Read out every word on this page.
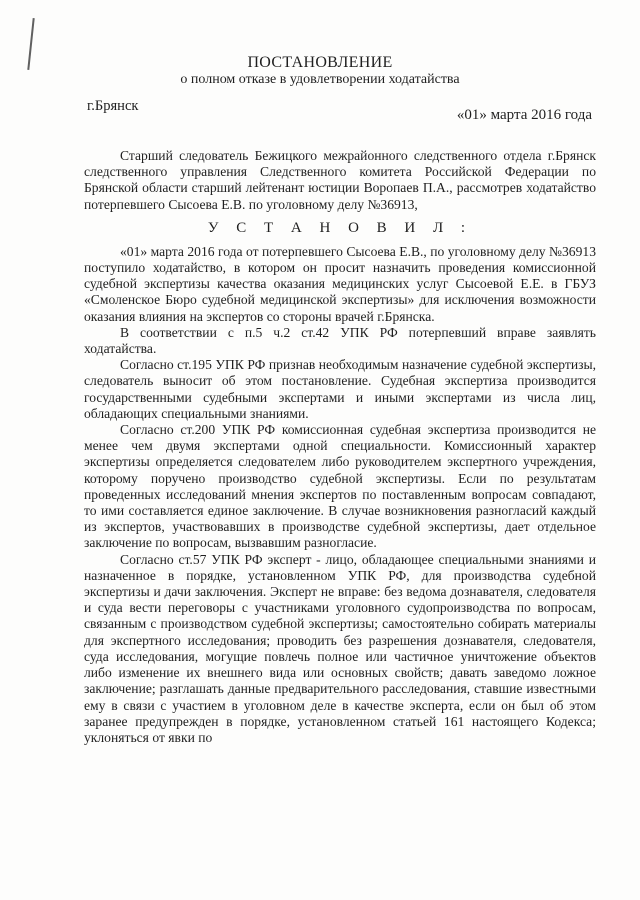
ПОСТАНОВЛЕНИЕ
о полном отказе в удовлетворении ходатайства
г.Брянск
«01» марта 2016 года

Старший следователь Бежицкого межрайонного следственного отдела г.Брянск следственного управления Следственного комитета Российской Федерации по Брянской области старший лейтенант юстиции Воропаев П.А., рассмотрев ходатайство потерпевшего Сысоева Е.В. по уголовному делу №36913,

У С Т А Н О В И Л :

«01» марта 2016 года от потерпевшего Сысоева Е.В., по уголовному делу №36913 поступило ходатайство, в котором он просит назначить проведения комиссионной судебной экспертизы качества оказания медицинских услуг Сысоевой Е.Е. в ГБУЗ «Смоленское Бюро судебной медицинской экспертизы» для исключения возможности оказания влияния на экспертов со стороны врачей г.Брянска.

В соответствии с п.5 ч.2 ст.42 УПК РФ потерпевший вправе заявлять ходатайства.

Согласно ст.195 УПК РФ признав необходимым назначение судебной экспертизы, следователь выносит об этом постановление. Судебная экспертиза производится государственными судебными экспертами и иными экспертами из числа лиц, обладающих специальными знаниями.

Согласно ст.200 УПК РФ комиссионная судебная экспертиза производится не менее чем двумя экспертами одной специальности. Комиссионный характер экспертизы определяется следователем либо руководителем экспертного учреждения, которому поручено производство судебной экспертизы. Если по результатам проведенных исследований мнения экспертов по поставленным вопросам совпадают, то ими составляется единое заключение. В случае возникновения разногласий каждый из экспертов, участвовавших в производстве судебной экспертизы, дает отдельное заключение по вопросам, вызвавшим разногласие.

Согласно ст.57 УПК РФ эксперт - лицо, обладающее специальными знаниями и назначенное в порядке, установленном УПК РФ, для производства судебной экспертизы и дачи заключения. Эксперт не вправе: без ведома дознавателя, следователя и суда вести переговоры с участниками уголовного судопроизводства по вопросам, связанным с производством судебной экспертизы; самостоятельно собирать материалы для экспертного исследования; проводить без разрешения дознавателя, следователя, суда исследования, могущие повлечь полное или частичное уничтожение объектов либо изменение их внешнего вида или основных свойств; давать заведомо ложное заключение; разглашать данные предварительного расследования, ставшие известными ему в связи с участием в уголовном деле в качестве эксперта, если он был об этом заранее предупрежден в порядке, установленном статьей 161 настоящего Кодекса; уклоняться от явки по
